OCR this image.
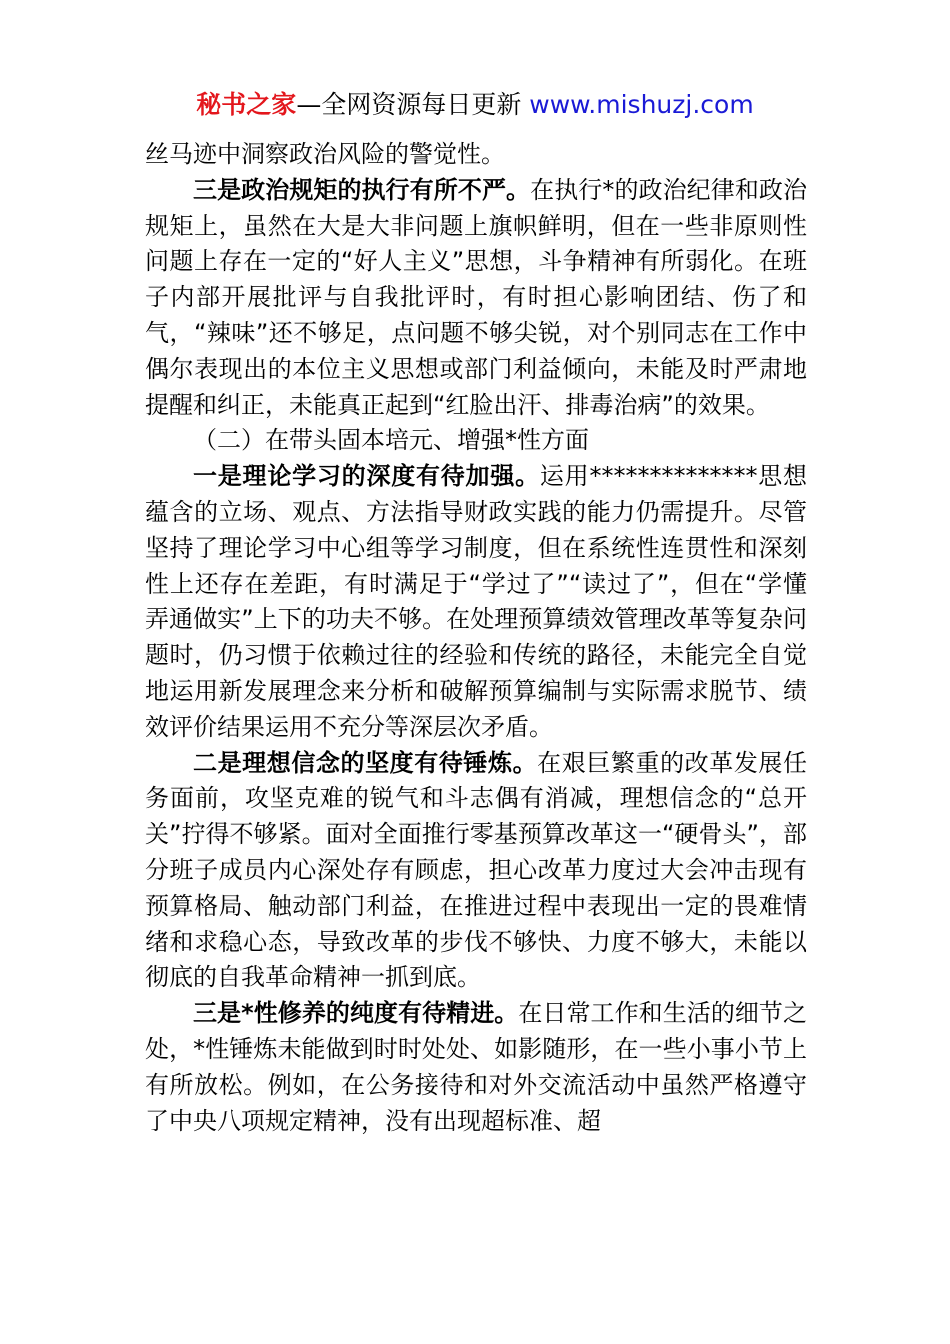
秘书之家—全网资源每日更新 www.mishuzj.com

丝马迹中洞察政治风险的警觉性。

三是政治规矩的执行有所不严。在执行*的政治纪律和政治规矩上，虽然在大是大非问题上旗帜鲜明，但在一些非原则性问题上存在一定的“好人主义”思想，斗争精神有所弱化。在班子内部开展批评与自我批评时，有时担心影响团结、伤了和气，“辣味”还不够足，点问题不够尖锐，对个别同志在工作中偶尔表现出的本位主义思想或部门利益倾向，未能及时严肃地提醒和纠正，未能真正起到“红脸出汗、排毒治病”的效果。

（二）在带头固本培元、增强*性方面

一是理论学习的深度有待加强。运用**************思想蕴含的立场、观点、方法指导财政实践的能力仍需提升。尽管坚持了理论学习中心组等学习制度，但在系统性连贯性和深刻性上还存在差距，有时满足于“学过了”“读过了”，但在“学懂弄通做实”上下的功夫不够。在处理预算绩效管理改革等复杂问题时，仍习惯于依赖过往的经验和传统的路径，未能完全自觉地运用新发展理念来分析和破解预算编制与实际需求脱节、绩效评价结果运用不充分等深层次矛盾。

二是理想信念的坚度有待锤炼。在艰巨繁重的改革发展任务面前，攻坚克难的锐气和斗志偶有消减，理想信念的“总开关”拧得不够紧。面对全面推行零基预算改革这一“硬骨头”，部分班子成员内心深处存有顾虑，担心改革力度过大会冲击现有预算格局、触动部门利益，在推进过程中表现出一定的畏难情绪和求稳心态，导致改革的步伐不够快、力度不够大，未能以彻底的自我革命精神一抓到底。

三是*性修养的纯度有待精进。在日常工作和生活的细节之处，*性锤炼未能做到时时处处、如影随形，在一些小事小节上有所放松。例如，在公务接待和对外交流活动中虽然严格遵守了中央八项规定精神，没有出现超标准、超
